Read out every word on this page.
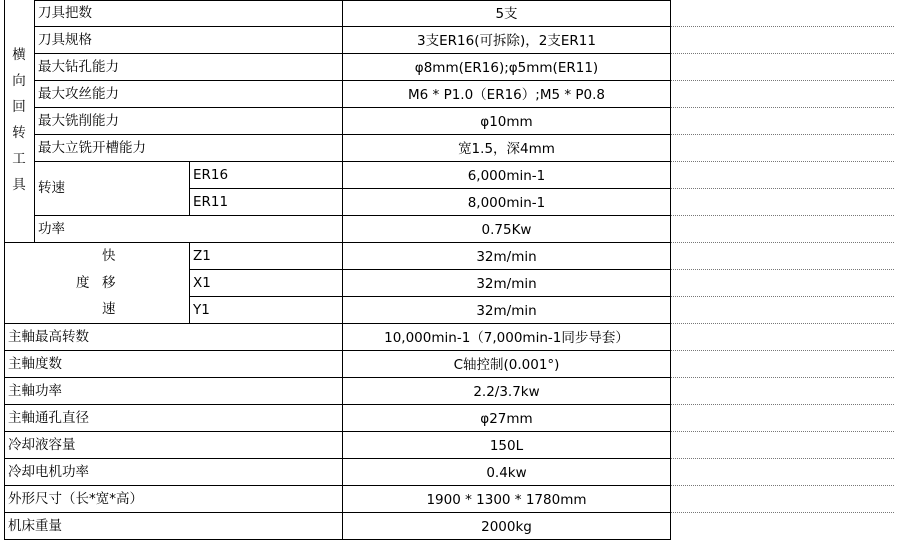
横
向
回
转
工
具
刀具把数	5支
刀具规格	3支ER16(可拆除)，2支ER11
最大钻孔能力	φ8mm(ER16);φ5mm(ER11)
最大攻丝能力	M6 * P1.0（ER16）;M5 * P0.8
最大铣削能力	φ10mm
最大立铣开槽能力	宽1.5，深4mm
转速
ER16	6,000min-1
ER11	8,000min-1
功率	0.75Kw
快
度 移
速
Z1	32m/min
X1	32m/min
Y1	32m/min
主軸最高转数	10,000min-1（7,000min-1同步导套）
主軸度数	C轴控制(0.001°)
主軸功率	2.2/3.7kw
主軸通孔直径	φ27mm
冷却液容量	150L
冷却电机功率	0.4kw
外形尺寸（长*宽*高）	1900 * 1300 * 1780mm
机床重量	2000kg
